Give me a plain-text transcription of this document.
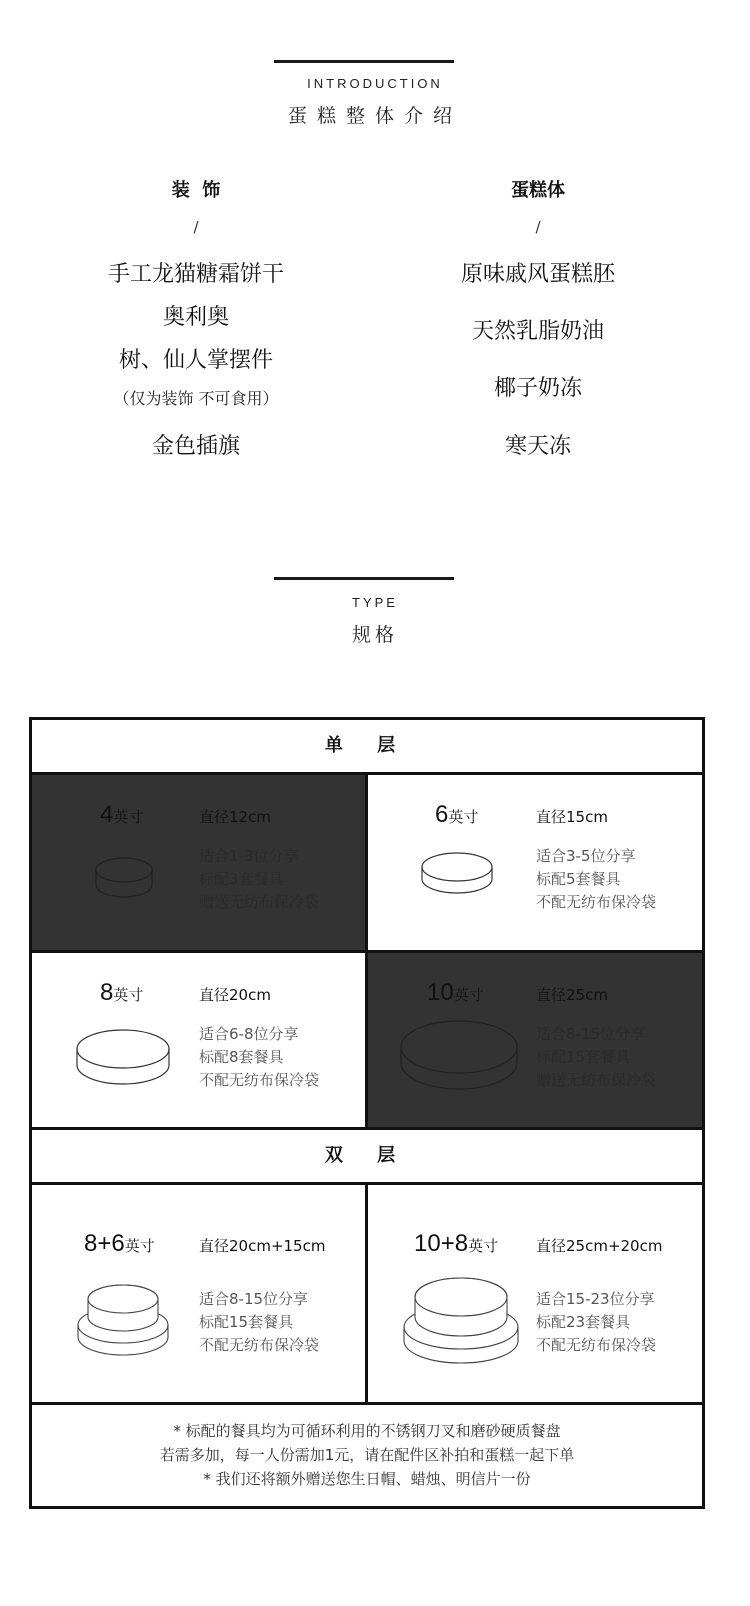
INTRODUCTION
蛋糕整体介绍
装  饰
/
手工龙猫糖霜饼干
奥利奥
树、仙人掌摆件
（仅为装饰 不可食用）
金色插旗
蛋糕体
/
原味戚风蛋糕胚
天然乳脂奶油
椰子奶冻
寒天冻
TYPE
规格
单 层
4英寸	直径12cm
适合1-3位分享
标配3套餐具
赠送无纺布保冷袋
6英寸	直径15cm
适合3-5位分享
标配5套餐具
不配无纺布保冷袋
8英寸	直径20cm
适合6-8位分享
标配8套餐具
不配无纺布保冷袋
10英寸	直径25cm
适合8-15位分享
标配15套餐具
赠送无纺布保冷袋
双 层
8+6英寸	直径20cm+15cm
适合8-15位分享
标配15套餐具
不配无纺布保冷袋
10+8英寸	直径25cm+20cm
适合15-23位分享
标配23套餐具
不配无纺布保冷袋
* 标配的餐具均为可循环利用的不锈钢刀叉和磨砂硬质餐盘
若需多加，每一人份需加1元，请在配件区补拍和蛋糕一起下单
* 我们还将额外赠送您生日帽、蜡烛、明信片一份
